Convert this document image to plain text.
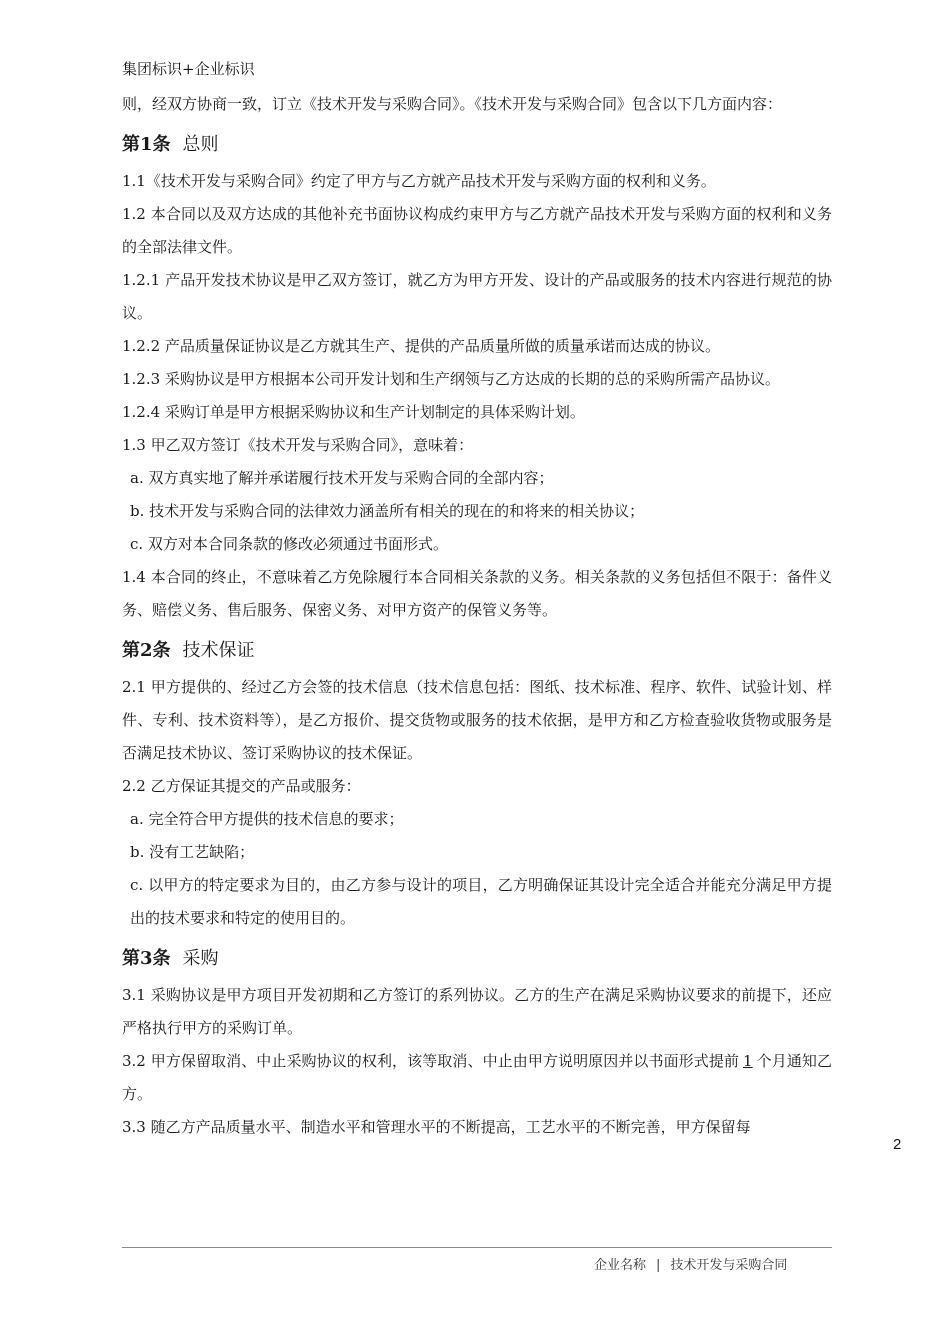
集团标识+企业标识

则，经双方协商一致，订立《技术开发与采购合同》。《技术开发与采购合同》包含以下几方面内容：

第1条 总则

1.1《技术开发与采购合同》约定了甲方与乙方就产品技术开发与采购方面的权利和义务。

1.2 本合同以及双方达成的其他补充书面协议构成约束甲方与乙方就产品技术开发与采购方面的权利和义务的全部法律文件。

1.2.1 产品开发技术协议是甲乙双方签订，就乙方为甲方开发、设计的产品或服务的技术内容进行规范的协议。

1.2.2 产品质量保证协议是乙方就其生产、提供的产品质量所做的质量承诺而达成的协议。

1.2.3 采购协议是甲方根据本公司开发计划和生产纲领与乙方达成的长期的总的采购所需产品协议。

1.2.4 采购订单是甲方根据采购协议和生产计划制定的具体采购计划。

1.3 甲乙双方签订《技术开发与采购合同》，意味着：

a. 双方真实地了解并承诺履行技术开发与采购合同的全部内容；

b. 技术开发与采购合同的法律效力涵盖所有相关的现在的和将来的相关协议；

c. 双方对本合同条款的修改必须通过书面形式。

1.4 本合同的终止，不意味着乙方免除履行本合同相关条款的义务。相关条款的义务包括但不限于：备件义务、赔偿义务、售后服务、保密义务、对甲方资产的保管义务等。

第2条 技术保证

2.1 甲方提供的、经过乙方会签的技术信息（技术信息包括：图纸、技术标准、程序、软件、试验计划、样件、专利、技术资料等），是乙方报价、提交货物或服务的技术依据，是甲方和乙方检查验收货物或服务是否满足技术协议、签订采购协议的技术保证。

2.2 乙方保证其提交的产品或服务：

a. 完全符合甲方提供的技术信息的要求；

b. 没有工艺缺陷；

c. 以甲方的特定要求为目的，由乙方参与设计的项目，乙方明确保证其设计完全适合并能充分满足甲方提出的技术要求和特定的使用目的。

第3条 采购

3.1 采购协议是甲方项目开发初期和乙方签订的系列协议。乙方的生产在满足采购协议要求的前提下，还应严格执行甲方的采购订单。

3.2 甲方保留取消、中止采购协议的权利，该等取消、中止由甲方说明原因并以书面形式提前 1 个月通知乙方。

3.3 随乙方产品质量水平、制造水平和管理水平的不断提高，工艺水平的不断完善，甲方保留每

2
企业名称 | 技术开发与采购合同
